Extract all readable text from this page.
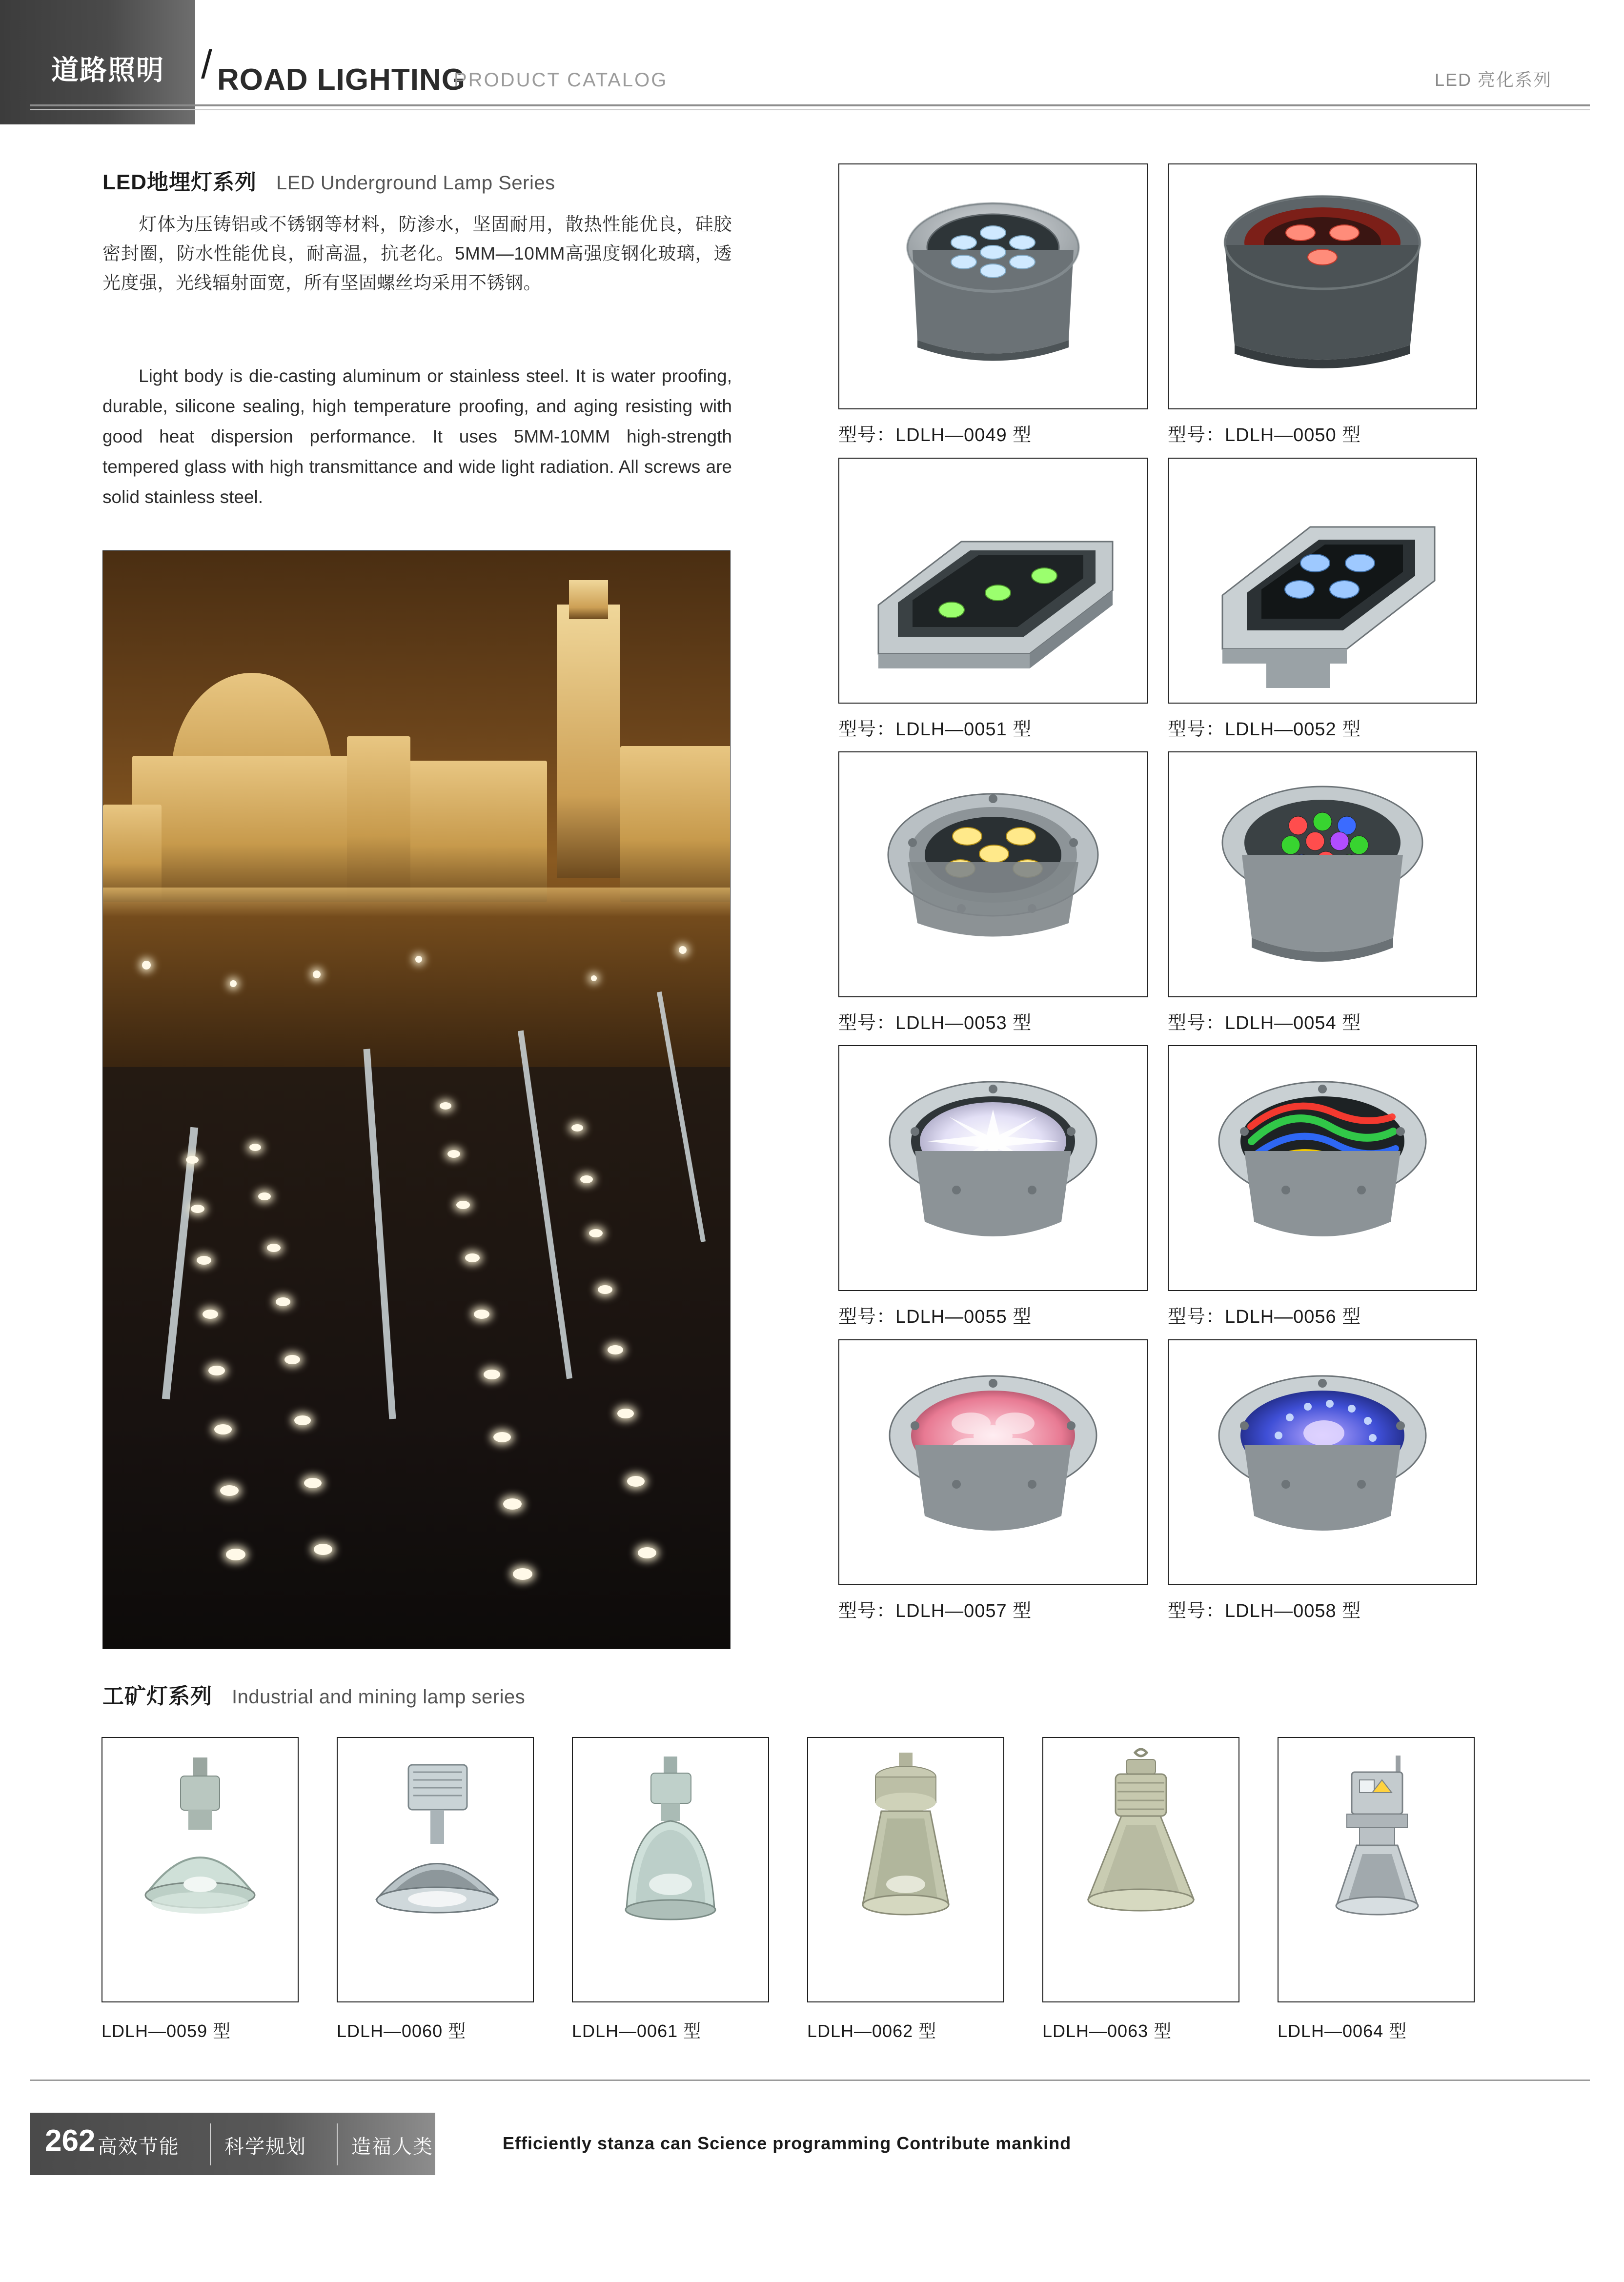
道路照明 / ROAD LIGHTING
PRODUCT CATALOG	LED 亮化系列
LED地埋灯系列 LED Underground Lamp Series
灯体为压铸铝或不锈钢等材料，防渗水，坚固耐用，散热性能优良，硅胶密封圈，防水性能优良，耐高温，抗老化。5MM—10MM高强度钢化玻璃，透光度强，光线辐射面宽，所有坚固螺丝均采用不锈钢。
Light body is die-casting aluminum or stainless steel. It is water proofing, durable, silicone sealing, high temperature proofing, and aging resisting with good heat dispersion performance. It uses 5MM-10MM high-strength tempered glass with high transmittance and wide light radiation. All screws are solid stainless steel.
型号：LDLH—0049 型	型号：LDLH—0050 型
型号：LDLH—0051 型	型号：LDLH—0052 型
型号：LDLH—0053 型	型号：LDLH—0054 型
型号：LDLH—0055 型	型号：LDLH—0056 型
型号：LDLH—0057 型	型号：LDLH—0058 型
工矿灯系列 Industrial and mining lamp series
LDLH—0059 型	LDLH—0060 型	LDLH—0061 型	LDLH—0062 型	LDLH—0063 型	LDLH—0064 型
262 高效节能 科学规划 造福人类	Efficiently stanza can Science programming Contribute mankind
